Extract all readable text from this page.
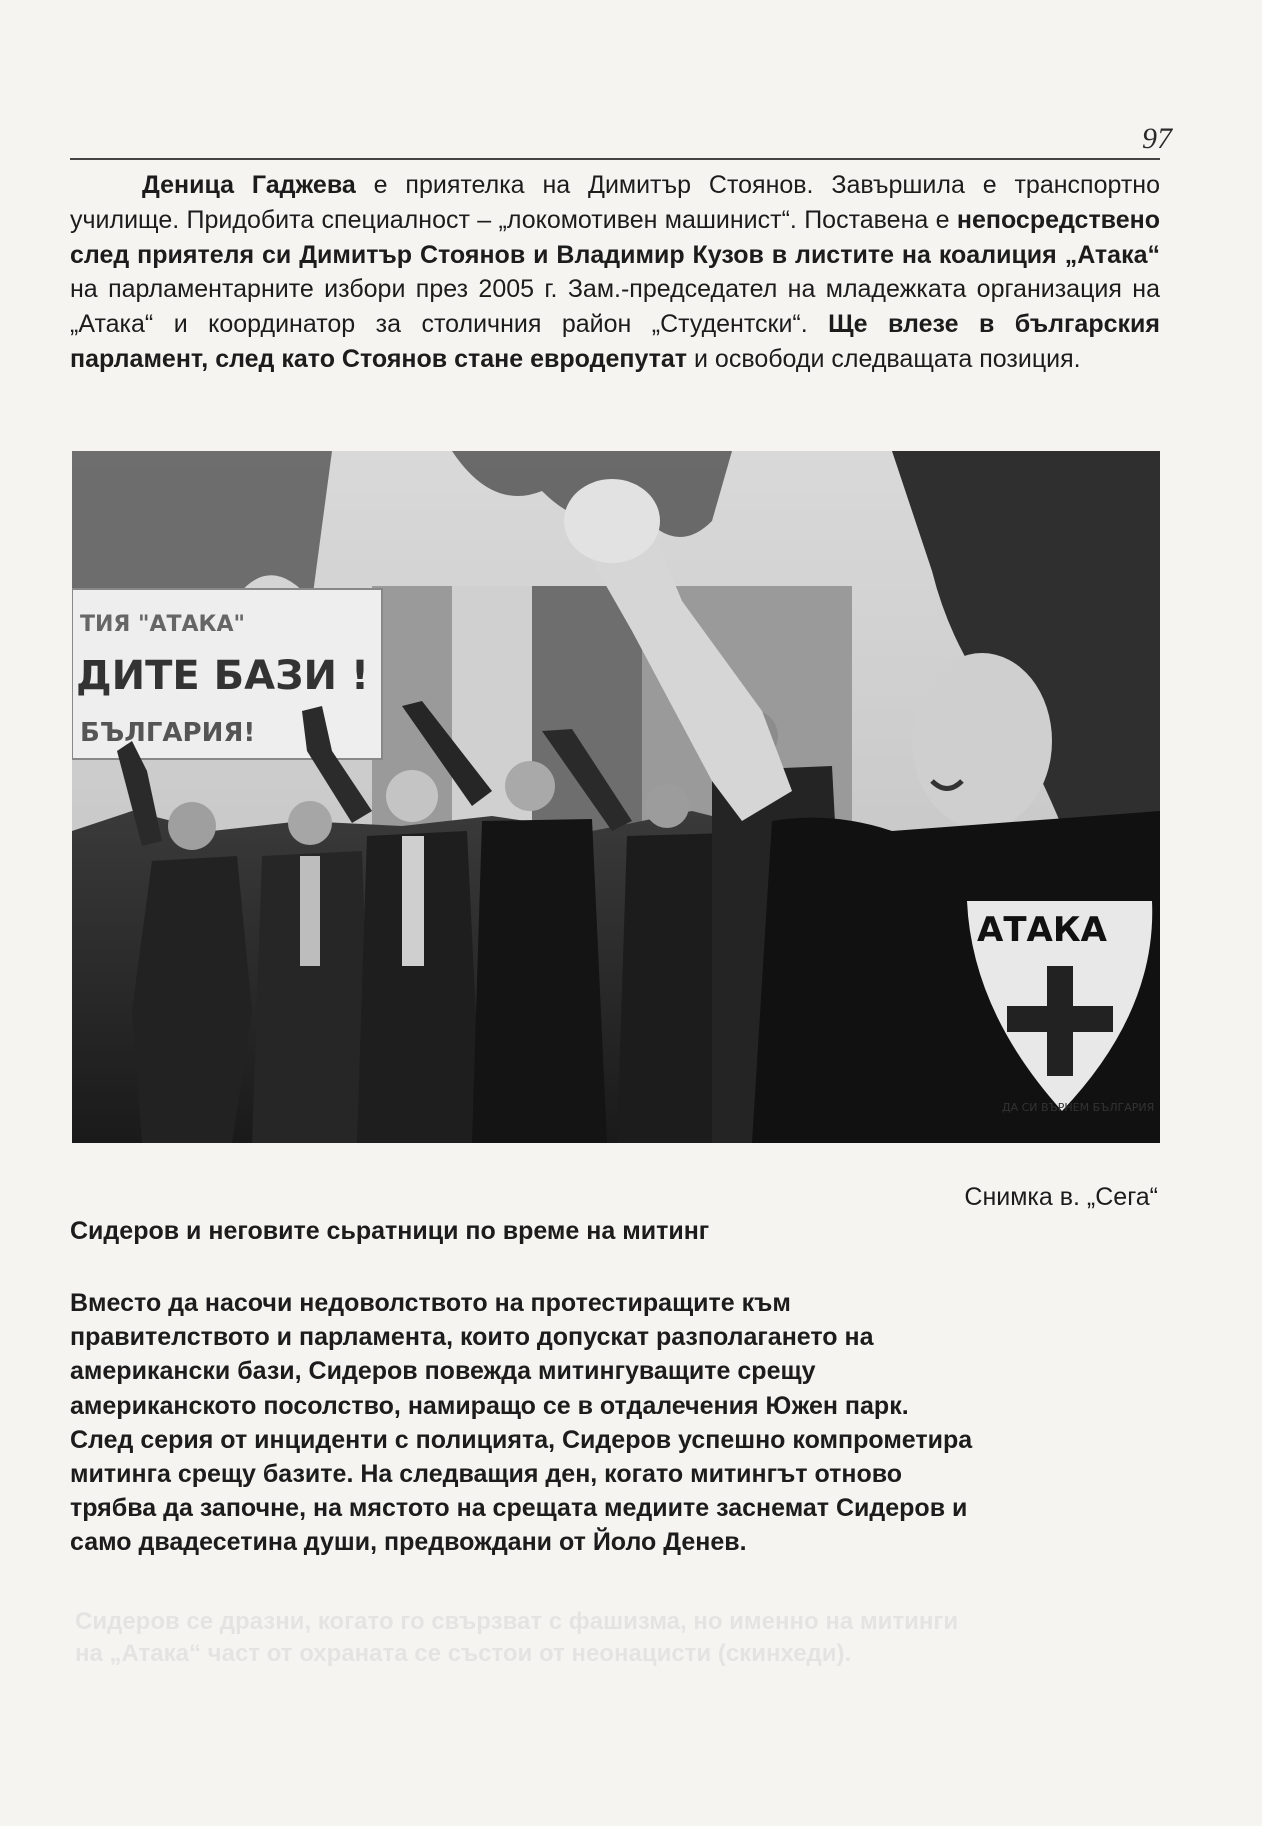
97

Деница Гаджева е приятелка на Димитър Стоянов. Завършила е транспортно училище. Придобита специалност – „локомотивен машинист“. Поставена е непосредствено след приятеля си Димитър Стоянов и Владимир Кузов в листите на коалиция „Атака“ на парламентарните избори през 2005 г. Зам.-председател на младежката организация на „Атака“ и координатор за столичния район „Студентски“. Ще влезе в българския парламент, след като Стоянов стане евродепутат и освободи следващата позиция.

ТИЯ "АТАКА"
ДИТЕ БАЗИ !
БЪЛГАРИЯ!
АТАКА
ДА СИ ВЪРНЕМ БЪЛГАРИЯ

Снимка в. „Сега“

Сидеров и неговите сьратници по време на митинг

Вместо да насочи недоволството на протестиращите към
правителството и парламента, които допускат разполагането на
американски бази, Сидеров повежда митингуващите срещу
американското посолство, намиращо се в отдалечения Южен парк.
След серия от инциденти с полицията, Сидеров успешно компрометира
митинга срещу базите. На следващия ден, когато митингът отново
трябва да започне, на мястото на срещата медиите заснемат Сидеров и
само двадесетина души, предвождани от Йоло Денев.

Сидеров се дразни, когато го свързват с фашизма, но именно на митинги

на „Атака“ част от охраната се състои от неонацисти (скинхеди).
